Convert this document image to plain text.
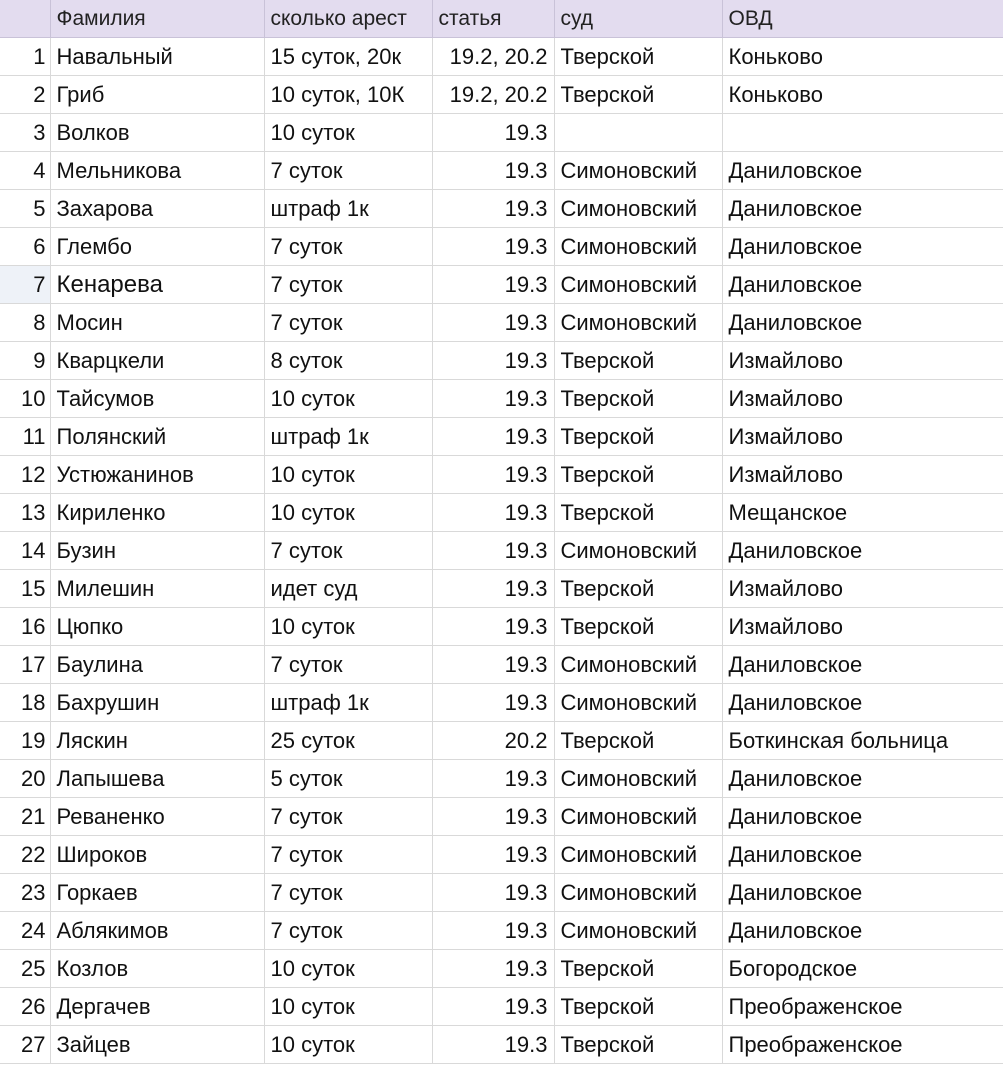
	Фамилия	сколько арест	статья	суд	ОВД
1	Навальный	15 суток, 20к	19.2, 20.2	Тверской	Коньково
2	Гриб	10 суток, 10К	19.2, 20.2	Тверской	Коньково
3	Волков	10 суток	19.3		
4	Мельникова	7 суток	19.3	Симоновский	Даниловское
5	Захарова	штраф 1к	19.3	Симоновский	Даниловское
6	Глембо	7 суток	19.3	Симоновский	Даниловское
7	Кенарева	7 суток	19.3	Симоновский	Даниловское
8	Мосин	7 суток	19.3	Симоновский	Даниловское
9	Кварцкели	8 суток	19.3	Тверской	Измайлово
10	Тайсумов	10 суток	19.3	Тверской	Измайлово
11	Полянский	штраф 1к	19.3	Тверской	Измайлово
12	Устюжанинов	10 суток	19.3	Тверской	Измайлово
13	Кириленко	10 суток	19.3	Тверской	Мещанское
14	Бузин	7 суток	19.3	Симоновский	Даниловское
15	Милешин	идет суд	19.3	Тверской	Измайлово
16	Цюпко	10 суток	19.3	Тверской	Измайлово
17	Баулина	7 суток	19.3	Симоновский	Даниловское
18	Бахрушин	штраф 1к	19.3	Симоновский	Даниловское
19	Ляскин	25 суток	20.2	Тверской	Боткинская больница
20	Лапышева	5 суток	19.3	Симоновский	Даниловское
21	Реваненко	7 суток	19.3	Симоновский	Даниловское
22	Широков	7 суток	19.3	Симоновский	Даниловское
23	Горкаев	7 суток	19.3	Симоновский	Даниловское
24	Аблякимов	7 суток	19.3	Симоновский	Даниловское
25	Козлов	10 суток	19.3	Тверской	Богородское
26	Дергачев	10 суток	19.3	Тверской	Преображенское
27	Зайцев	10 суток	19.3	Тверской	Преображенское
